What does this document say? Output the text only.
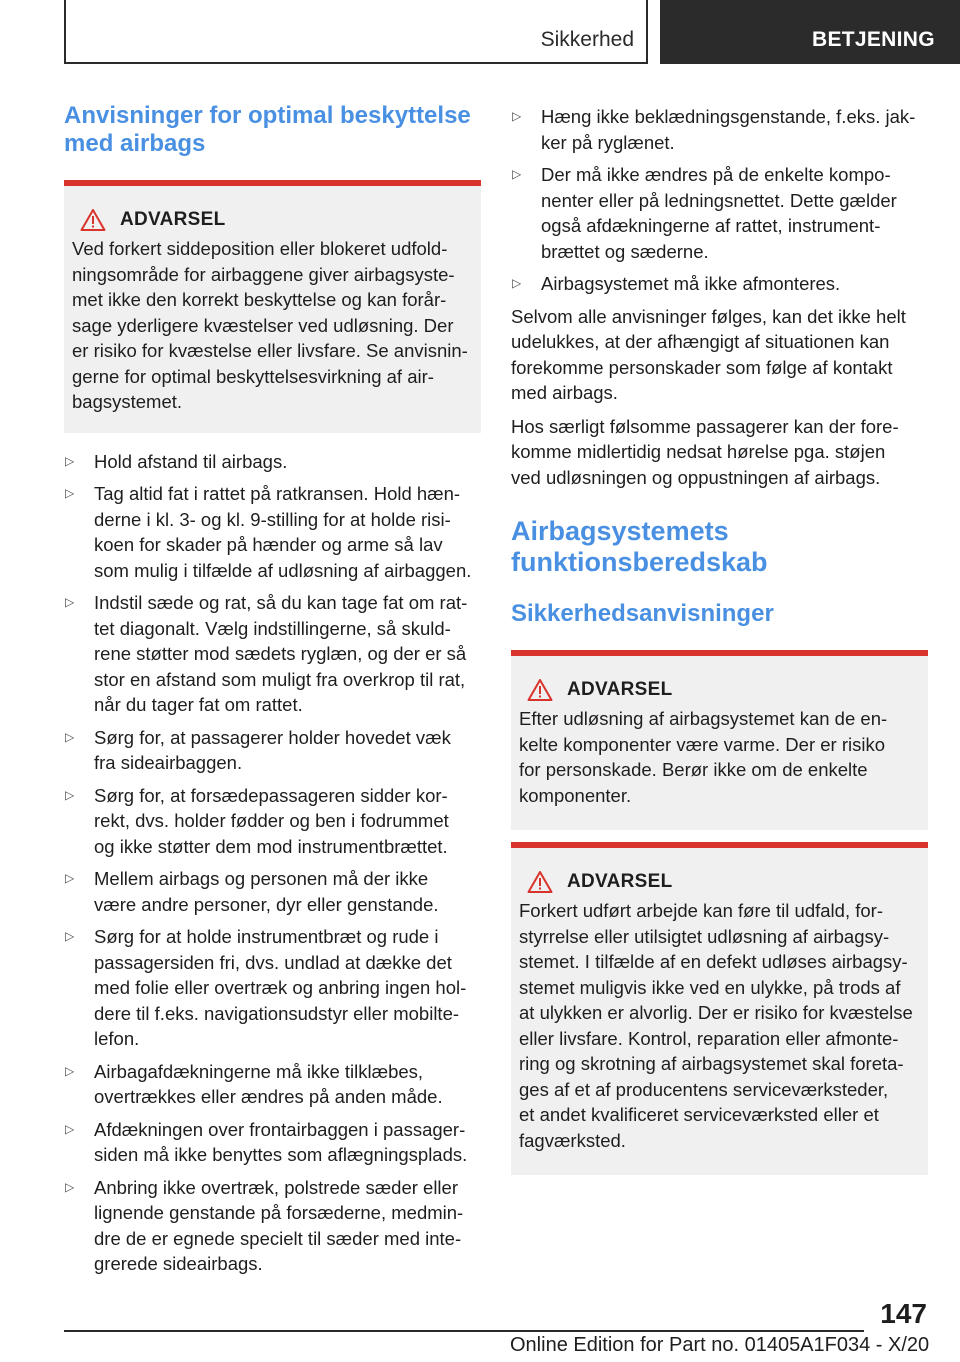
Sikkerhed	BETJENING
Anvisninger for optimal beskyttelse med airbags
ADVARSEL
Ved forkert siddeposition eller blokeret udfold-
ningsområde for airbaggene giver airbagsyste-
met ikke den korrekt beskyttelse og kan forår-
sage yderligere kvæstelser ved udløsning. Der
er risiko for kvæstelse eller livsfare. Se anvisnin-
gerne for optimal beskyttelsesvirkning af air-
bagsystemet.
▷	Hold afstand til airbags.
▷	Tag altid fat i rattet på ratkransen. Hold hæn-
derne i kl. 3- og kl. 9-stilling for at holde risi-
koen for skader på hænder og arme så lav
som mulig i tilfælde af udløsning af airbaggen.
▷	Indstil sæde og rat, så du kan tage fat om rat-
tet diagonalt. Vælg indstillingerne, så skuld-
rene støtter mod sædets ryglæn, og der er så
stor en afstand som muligt fra overkrop til rat,
når du tager fat om rattet.
▷	Sørg for, at passagerer holder hovedet væk
fra sideairbaggen.
▷	Sørg for, at forsædepassageren sidder kor-
rekt, dvs. holder fødder og ben i fodrummet
og ikke støtter dem mod instrumentbrættet.
▷	Mellem airbags og personen må der ikke
være andre personer, dyr eller genstande.
▷	Sørg for at holde instrumentbræt og rude i
passagersiden fri, dvs. undlad at dække det
med folie eller overtræk og anbring ingen hol-
dere til f.eks. navigationsudstyr eller mobilte-
lefon.
▷	Airbagafdækningerne må ikke tilklæbes,
overtrækkes eller ændres på anden måde.
▷	Afdækningen over frontairbaggen i passager-
siden må ikke benyttes som aflægningsplads.
▷	Anbring ikke overtræk, polstrede sæder eller
lignende genstande på forsæderne, medmin-
dre de er egnede specielt til sæder med inte-
grerede sideairbags.
▷	Hæng ikke beklædningsgenstande, f.eks. jak-
ker på ryglænet.
▷	Der må ikke ændres på de enkelte kompo-
nenter eller på ledningsnettet. Dette gælder
også afdækningerne af rattet, instrument-
brættet og sæderne.
▷	Airbagsystemet må ikke afmonteres.

Selvom alle anvisninger følges, kan det ikke helt
udelukkes, at der afhængigt af situationen kan
forekomme personskader som følge af kontakt
med airbags.

Hos særligt følsomme passagerer kan der fore-
komme midlertidig nedsat hørelse pga. støjen
ved udløsningen og oppustningen af airbags.

Airbagsystemets funktionsberedskab
Sikkerhedsanvisninger
ADVARSEL
Efter udløsning af airbagsystemet kan de en-
kelte komponenter være varme. Der er risiko
for personskade. Berør ikke om de enkelte
komponenter.
ADVARSEL
Forkert udført arbejde kan føre til udfald, for-
styrrelse eller utilsigtet udløsning af airbagsy-
stemet. I tilfælde af en defekt udløses airbagsy-
stemet muligvis ikke ved en ulykke, på trods af
at ulykken er alvorlig. Der er risiko for kvæstelse
eller livsfare. Kontrol, reparation eller afmonte-
ring og skrotning af airbagsystemet skal foreta-
ges af et af producentens serviceværksteder,
et andet kvalificeret serviceværksted eller et
fagværksted.
147
Online Edition for Part no. 01405A1F034 - X/20
